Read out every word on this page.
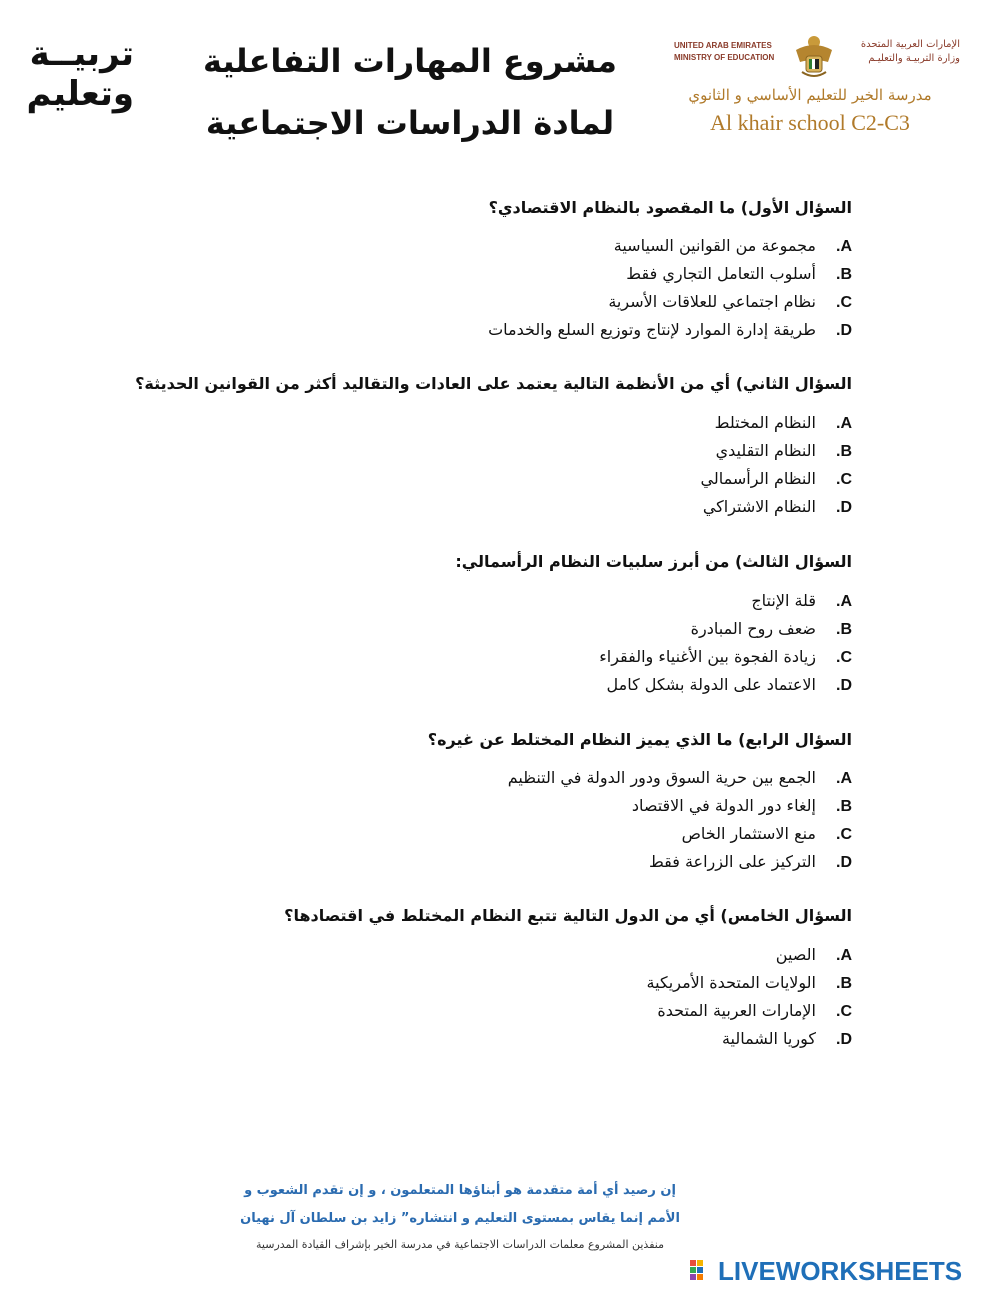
تربيــة
وتعليم
مشروع المهارات التفاعلية
لمادة الدراسات الاجتماعية
UNITED ARAB EMIRATES
MINISTRY OF EDUCATION
الإمارات العربية المتحدة
وزارة التربيـة والتعليـم
مدرسة الخير للتعليم الأساسي و الثانوي
Al khair school C2-C3
السؤال الأول) ما المقصود بالنظام الاقتصادي؟
A.مجموعة من القوانين السياسية
B.أسلوب التعامل التجاري فقط
C.نظام اجتماعي للعلاقات الأسرية
D.طريقة إدارة الموارد لإنتاج وتوزيع السلع والخدمات
السؤال الثاني) أي من الأنظمة التالية يعتمد على العادات والتقاليد أكثر من القوانين الحديثة؟
A.النظام المختلط
B.النظام التقليدي
C.النظام الرأسمالي
D.النظام الاشتراكي
السؤال الثالث) من أبرز سلبيات النظام الرأسمالي:
A.قلة الإنتاج
B.ضعف روح المبادرة
C.زيادة الفجوة بين الأغنياء والفقراء
D.الاعتماد على الدولة بشكل كامل
السؤال الرابع) ما الذي يميز النظام المختلط عن غيره؟
A.الجمع بين حرية السوق ودور الدولة في التنظيم
B.إلغاء دور الدولة في الاقتصاد
C.منع الاستثمار الخاص
D.التركيز على الزراعة فقط
السؤال الخامس) أي من الدول التالية تتبع النظام المختلط في اقتصادها؟
A.الصين
B.الولايات المتحدة الأمريكية
C.الإمارات العربية المتحدة
D.كوريا الشمالية
إن رصيد أي أمة متقدمة هو أبناؤها المتعلمون ، و إن تقدم الشعوب و
الأمم إنما يقاس بمستوى التعليم و انتشاره” زايد بن سلطان آل نهيان
منفذين المشروع معلمات الدراسات الاجتماعية في مدرسة الخير بإشراف القيادة المدرسية
LIVEWORKSHEETS
